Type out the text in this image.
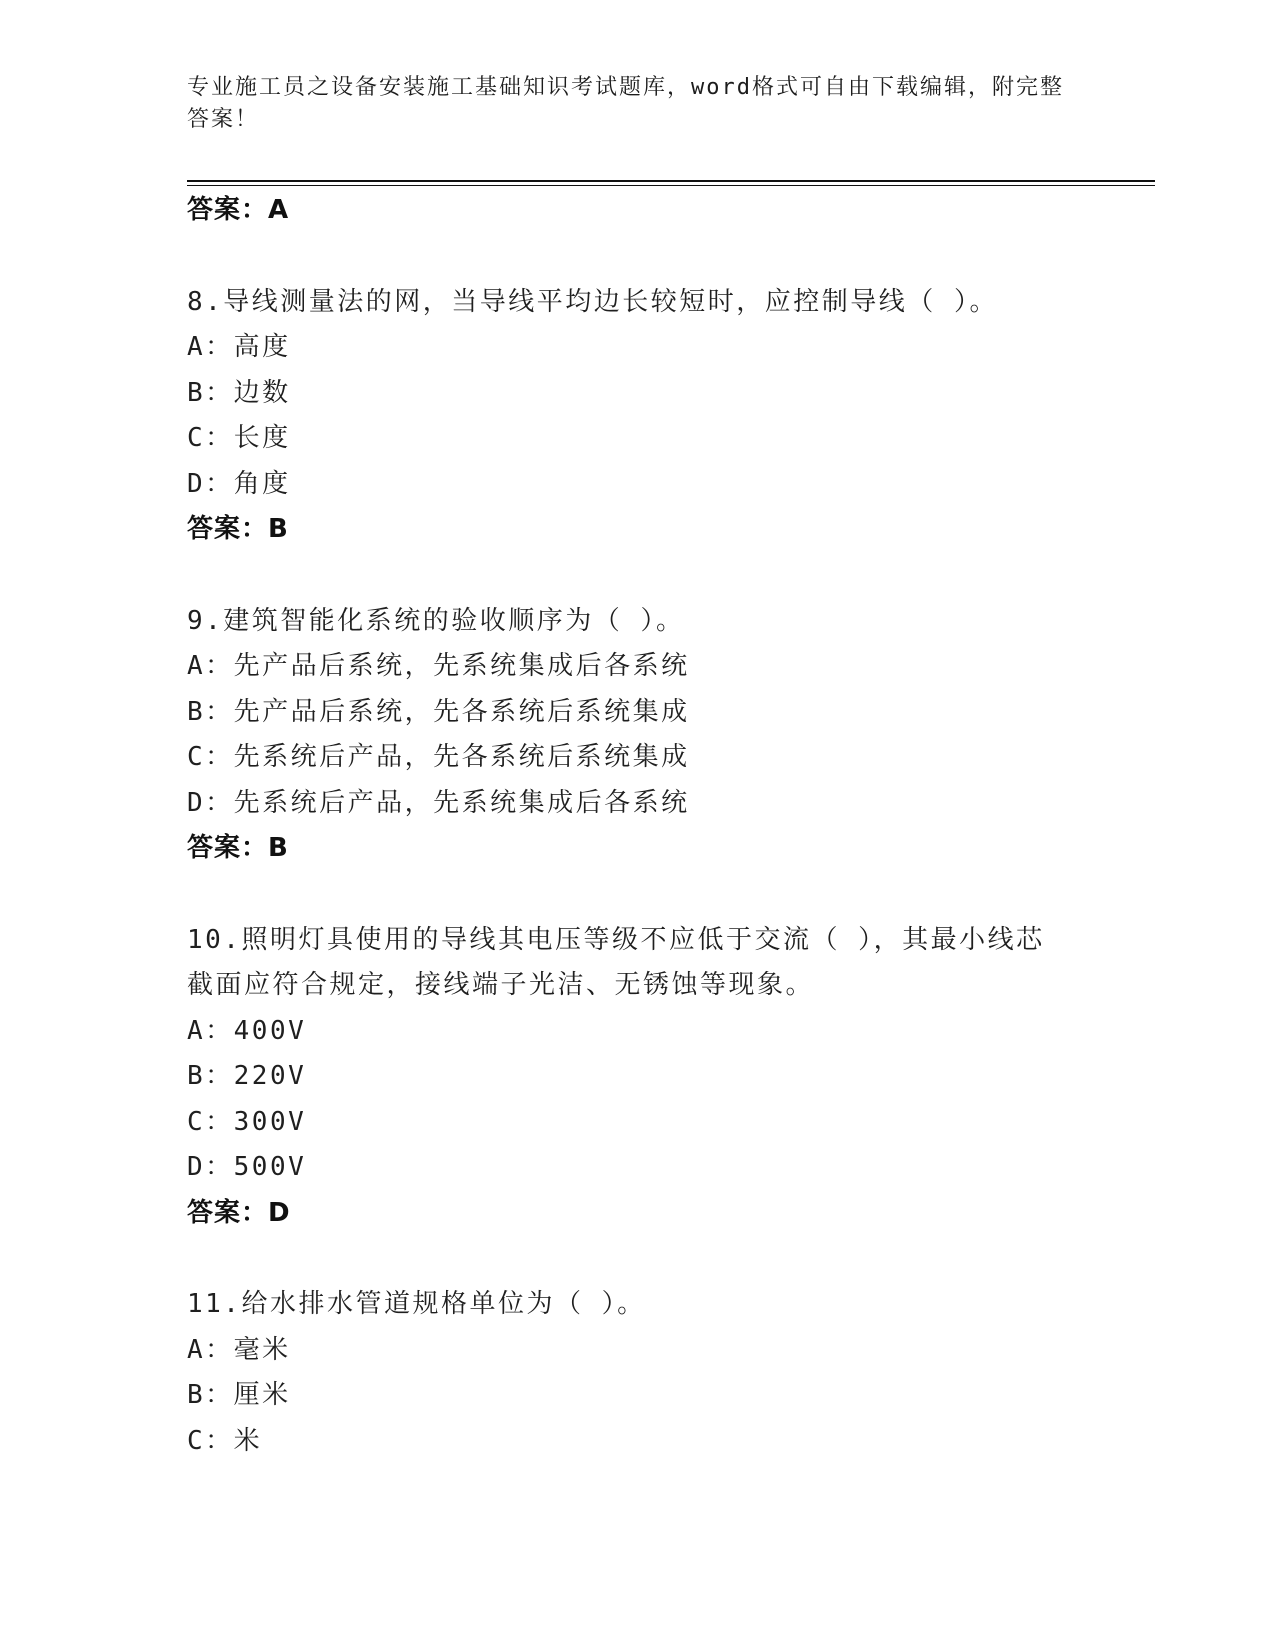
专业施工员之设备安装施工基础知识考试题库，word格式可自由下载编辑，附完整答案！
答案：A
8.导线测量法的网，当导线平均边长较短时，应控制导线（ ）。
A：高度
B：边数
C：长度
D：角度
答案：B
9.建筑智能化系统的验收顺序为（ ）。
A：先产品后系统，先系统集成后各系统
B：先产品后系统，先各系统后系统集成
C：先系统后产品，先各系统后系统集成
D：先系统后产品，先系统集成后各系统
答案：B
10.照明灯具使用的导线其电压等级不应低于交流（ ），其最小线芯截面应符合规定，接线端子光洁、无锈蚀等现象。
A：400V
B：220V
C：300V
D：500V
答案：D
11.给水排水管道规格单位为（ ）。
A：毫米
B：厘米
C：米
